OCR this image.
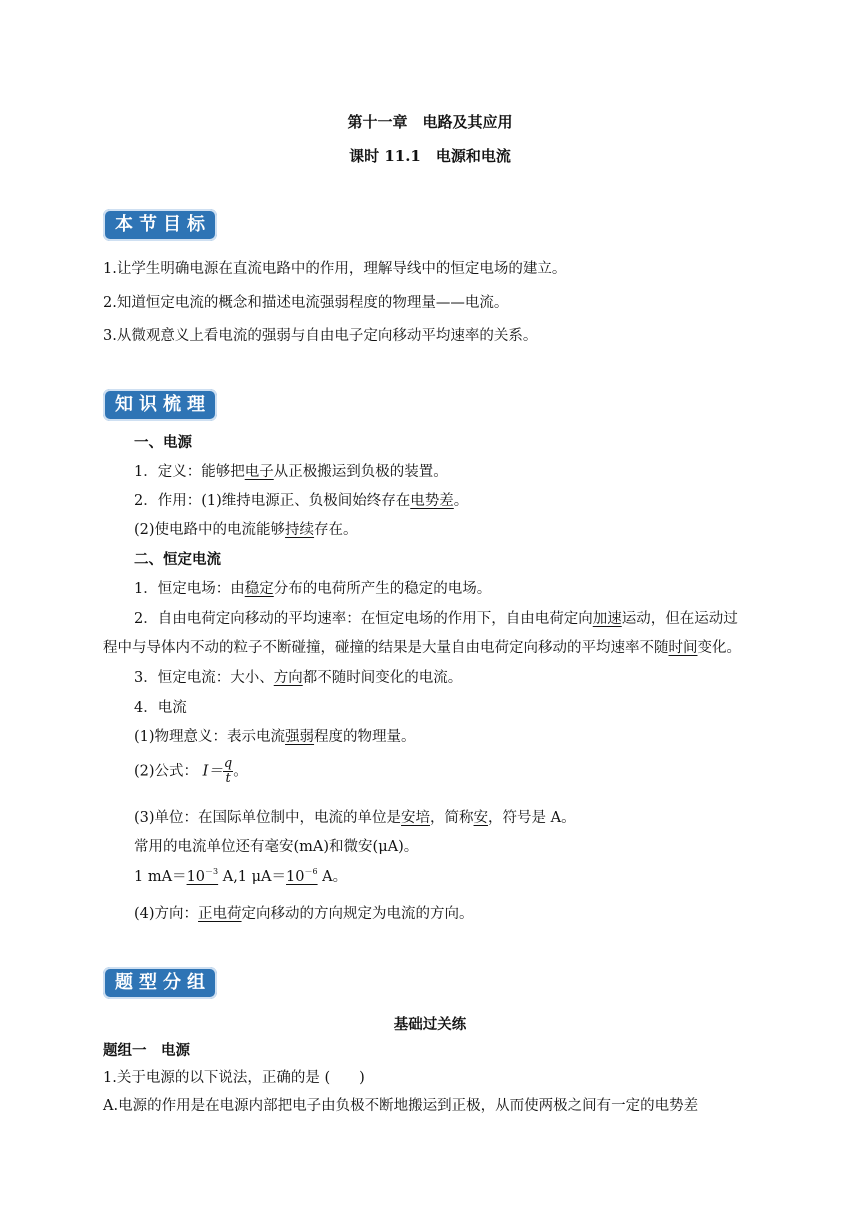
第十一章　电路及其应用
课时 11.1　电源和电流
本节目标
1.让学生明确电源在直流电路中的作用，理解导线中的恒定电场的建立。
2.知道恒定电流的概念和描述电流强弱程度的物理量——电流。
3.从微观意义上看电流的强弱与自由电子定向移动平均速率的关系。
知识梳理
一、电源
1．定义：能够把电子从正极搬运到负极的装置。
2．作用：(1)维持电源正、负极间始终存在电势差。
(2)使电路中的电流能够持续存在。
二、恒定电流
1．恒定电场：由稳定分布的电荷所产生的稳定的电场。
2．自由电荷定向移动的平均速率：在恒定电场的作用下，自由电荷定向加速运动，但在运动过
程中与导体内不动的粒子不断碰撞，碰撞的结果是大量自由电荷定向移动的平均速率不随时间变化。
3．恒定电流：大小、方向都不随时间变化的电流。
4．电流
(1)物理意义：表示电流强弱程度的物理量。
(2)公式： $I= \frac{q}{t}$ 。
(3)单位：在国际单位制中，电流的单位是安培，简称安，符号是 A。
常用的电流单位还有毫安(mA)和微安(μA)。
1 $mA=10^{-3}$ A,1 $\mu A=10^{-6}$ A。
(4)方向：正电荷定向移动的方向规定为电流的方向。
题型分组
基础过关练
题组一　电源
1.关于电源的以下说法，正确的是 (　　)
A.电源的作用是在电源内部把电子由负极不断地搬运到正极，从而使两极之间有一定的电势差
